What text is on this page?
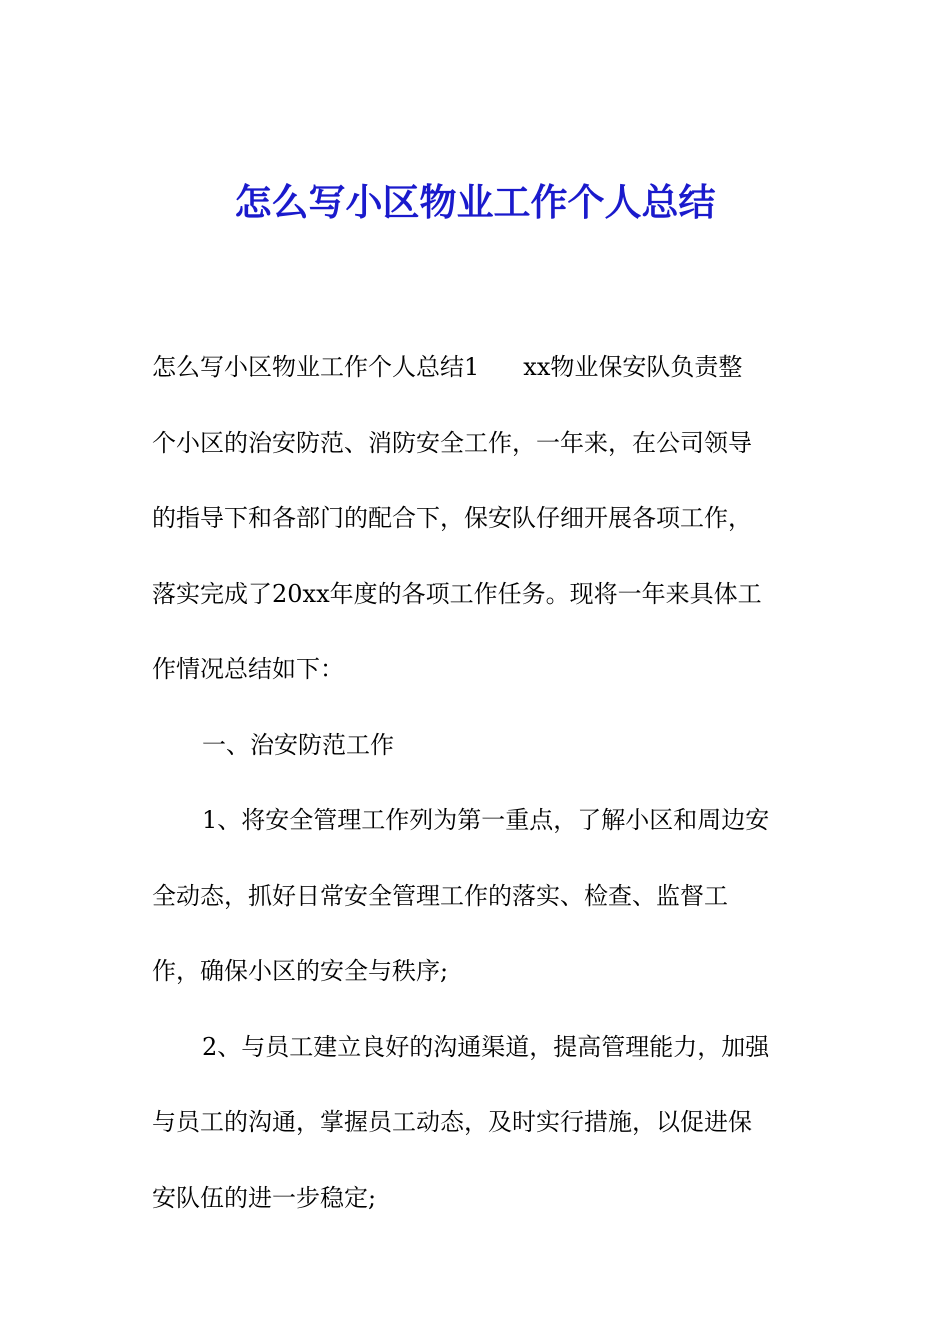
怎么写小区物业工作个人总结
怎么写小区物业工作个人总结1 xx物业保安队负责整
个小区的治安防范、消防安全工作，一年来，在公司领导
的指导下和各部门的配合下，保安队仔细开展各项工作，
落实完成了20xx年度的各项工作任务。现将一年来具体工
作情况总结如下：
一、治安防范工作
1、将安全管理工作列为第一重点，了解小区和周边安
全动态，抓好日常安全管理工作的落实、检查、监督工
作，确保小区的安全与秩序;
2、与员工建立良好的沟通渠道，提高管理能力，加强
与员工的沟通，掌握员工动态，及时实行措施，以促进保
安队伍的进一步稳定;
